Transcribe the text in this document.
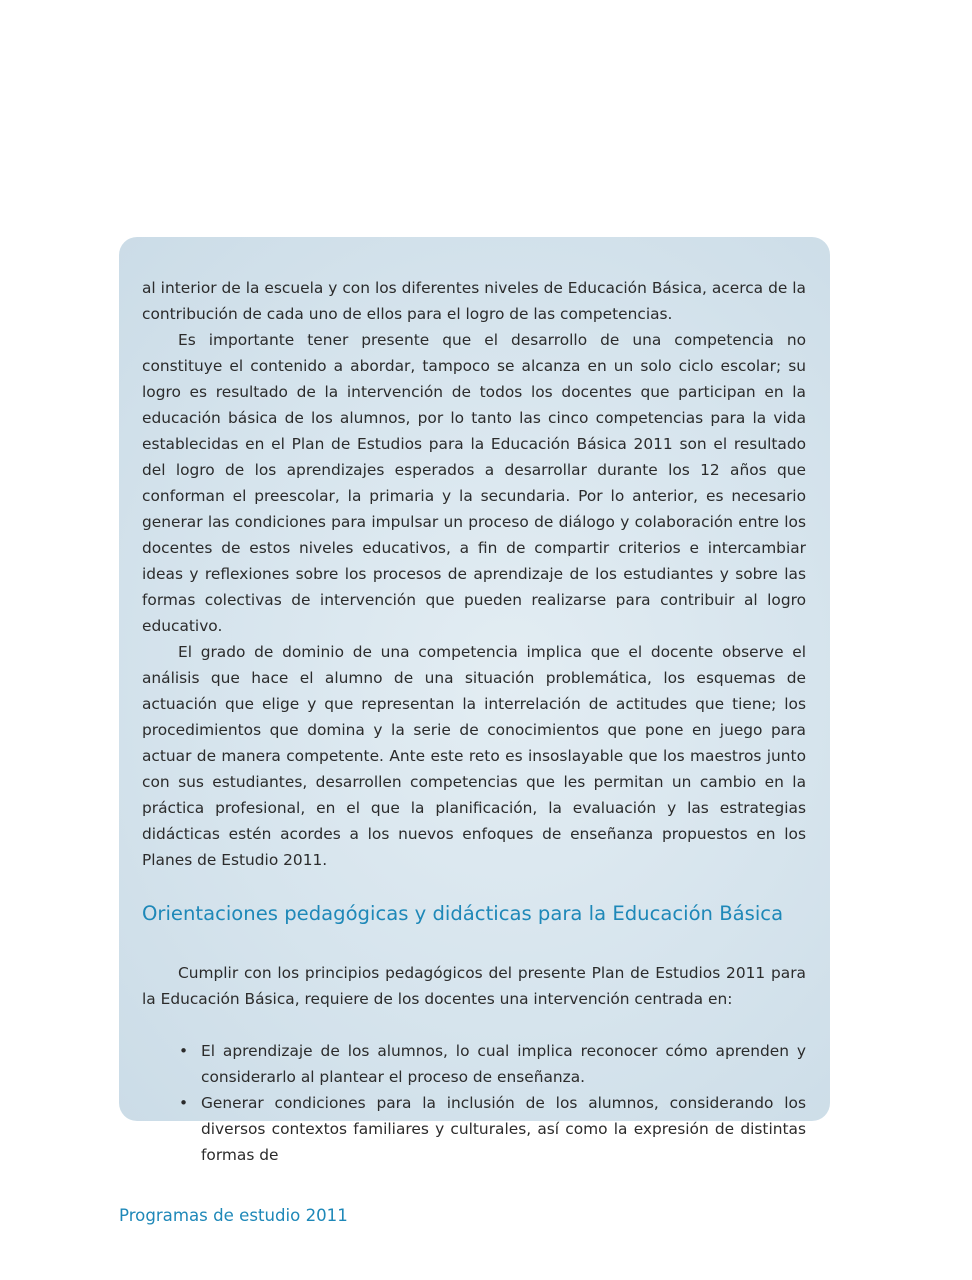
al interior de la escuela y con los diferentes niveles de Educación Básica, acerca de la contribución de cada uno de ellos para el logro de las competencias.

Es importante tener presente que el desarrollo de una competencia no constituye el contenido a abordar, tampoco se alcanza en un solo ciclo escolar; su logro es resultado de la intervención de todos los docentes que participan en la educación básica de los alumnos, por lo tanto las cinco competencias para la vida establecidas en el Plan de Estudios para la Educación Básica 2011 son el resultado del logro de los aprendizajes esperados a desarrollar durante los 12 años que conforman el preescolar, la primaria y la secundaria. Por lo anterior, es necesario generar las condiciones para impulsar un proceso de diálogo y colaboración entre los docentes de estos niveles educativos, a fin de compartir criterios e intercambiar ideas y reflexiones sobre los procesos de aprendizaje de los estudiantes y sobre las formas colectivas de intervención que pueden realizarse para contribuir al logro educativo.

El grado de dominio de una competencia implica que el docente observe el análisis que hace el alumno de una situación problemática, los esquemas de actuación que elige y que representan la interrelación de actitudes que tiene; los procedimientos que domina y la serie de conocimientos que pone en juego para actuar de manera competente. Ante este reto es insoslayable que los maestros junto con sus estudiantes, desarrollen competencias que les permitan un cambio en la práctica profesional, en el que la planificación, la evaluación y las estrategias didácticas estén acordes a los nuevos enfoques de enseñanza propuestos en los Planes de Estudio 2011.

Orientaciones pedagógicas y didácticas para la Educación Básica

Cumplir con los principios pedagógicos del presente Plan de Estudios 2011 para la Educación Básica, requiere de los docentes una intervención centrada en:

• El aprendizaje de los alumnos, lo cual implica reconocer cómo aprenden y considerarlo al plantear el proceso de enseñanza.
• Generar condiciones para la inclusión de los alumnos, considerando los diversos contextos familiares y culturales, así como la expresión de distintas formas de
Programas de estudio 2011
